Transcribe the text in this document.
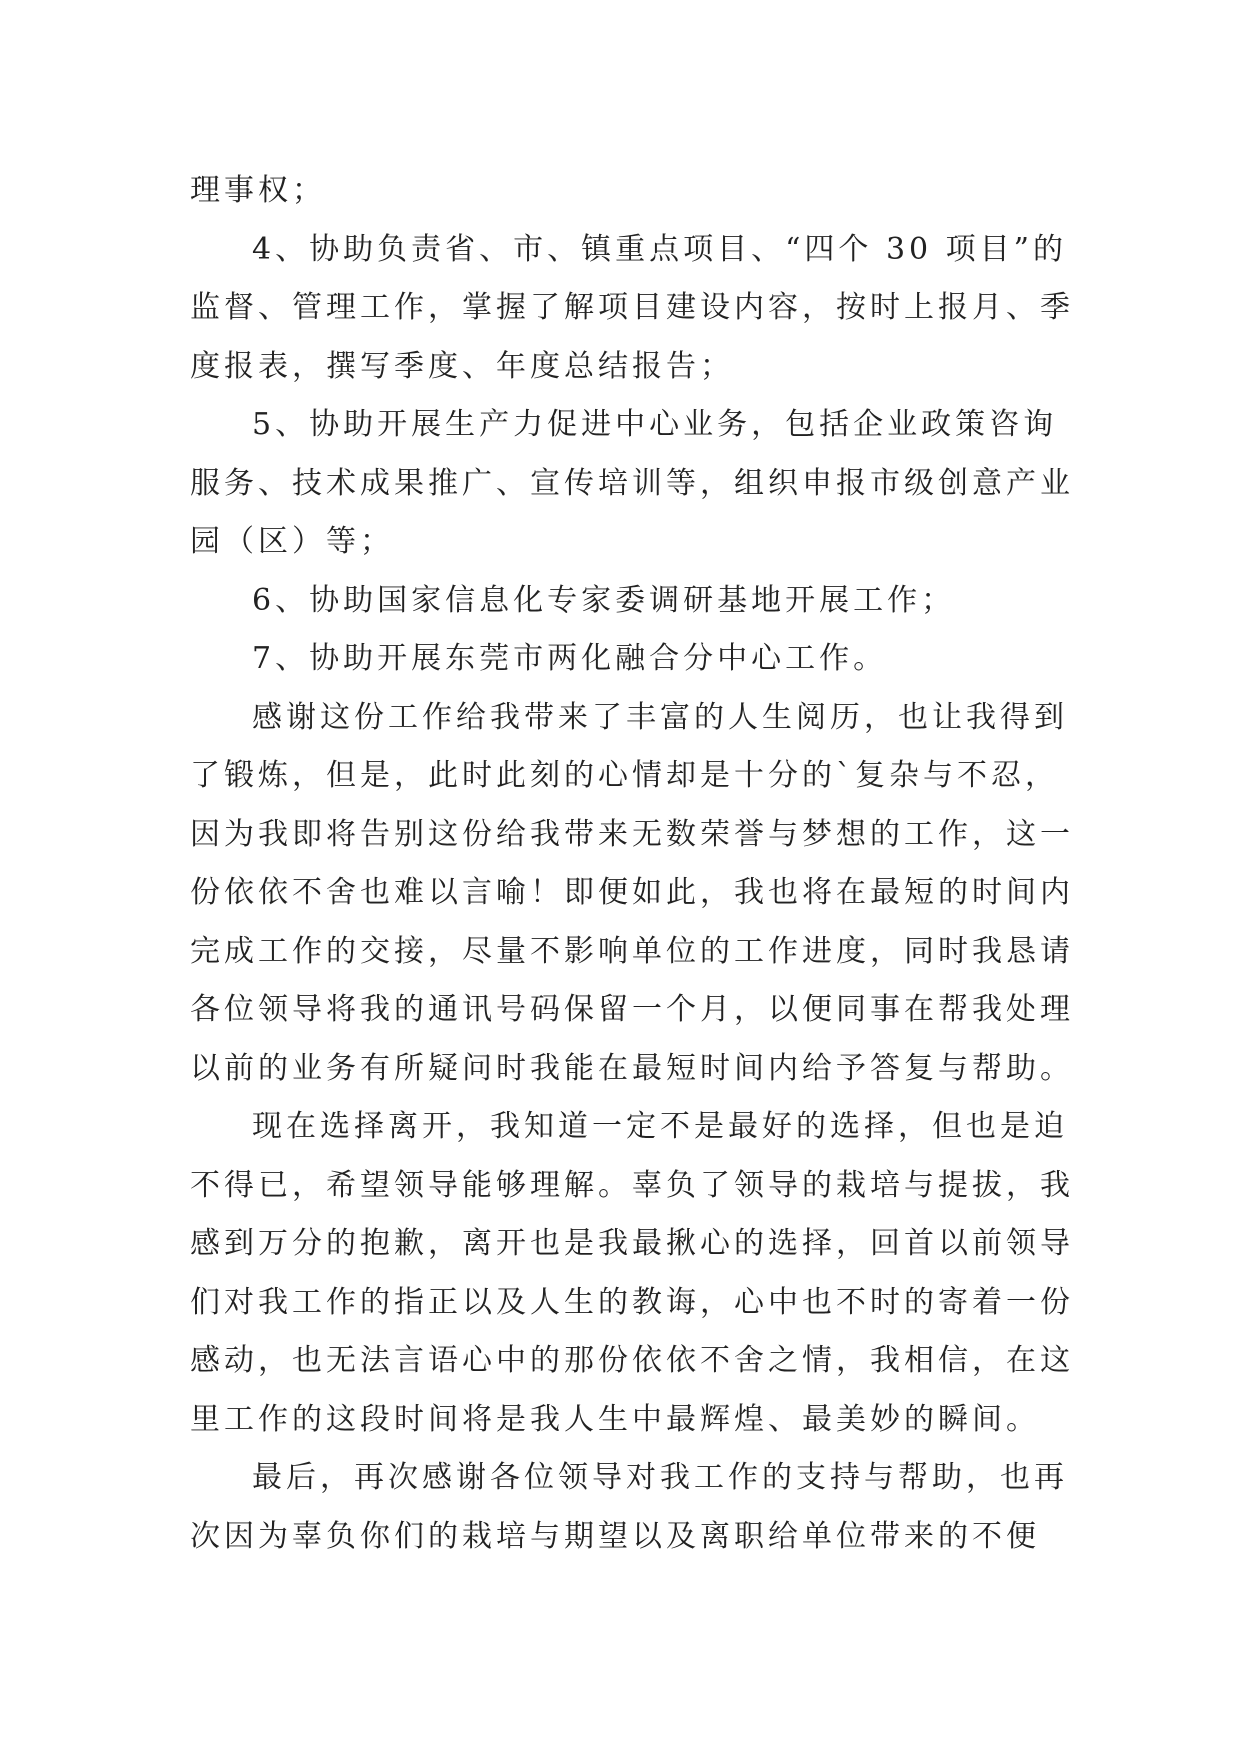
理事权；

4、协助负责省、市、镇重点项目、“四个 30 项目”的

监督、管理工作，掌握了解项目建设内容，按时上报月、季

度报表，撰写季度、年度总结报告；

5、协助开展生产力促进中心业务，包括企业政策咨询

服务、技术成果推广、宣传培训等，组织申报市级创意产业

园（区）等；

6、协助国家信息化专家委调研基地开展工作；

7、协助开展东莞市两化融合分中心工作。

感谢这份工作给我带来了丰富的人生阅历，也让我得到

了锻炼，但是，此时此刻的心情却是十分的`复杂与不忍，

因为我即将告别这份给我带来无数荣誉与梦想的工作，这一

份依依不舍也难以言喻！即便如此，我也将在最短的时间内

完成工作的交接，尽量不影响单位的工作进度，同时我恳请

各位领导将我的通讯号码保留一个月，以便同事在帮我处理

以前的业务有所疑问时我能在最短时间内给予答复与帮助。

现在选择离开，我知道一定不是最好的选择，但也是迫

不得已，希望领导能够理解。辜负了领导的栽培与提拔，我

感到万分的抱歉，离开也是我最揪心的选择，回首以前领导

们对我工作的指正以及人生的教诲，心中也不时的寄着一份

感动，也无法言语心中的那份依依不舍之情，我相信，在这

里工作的这段时间将是我人生中最辉煌、最美妙的瞬间。

最后，再次感谢各位领导对我工作的支持与帮助，也再

次因为辜负你们的栽培与期望以及离职给单位带来的不便
